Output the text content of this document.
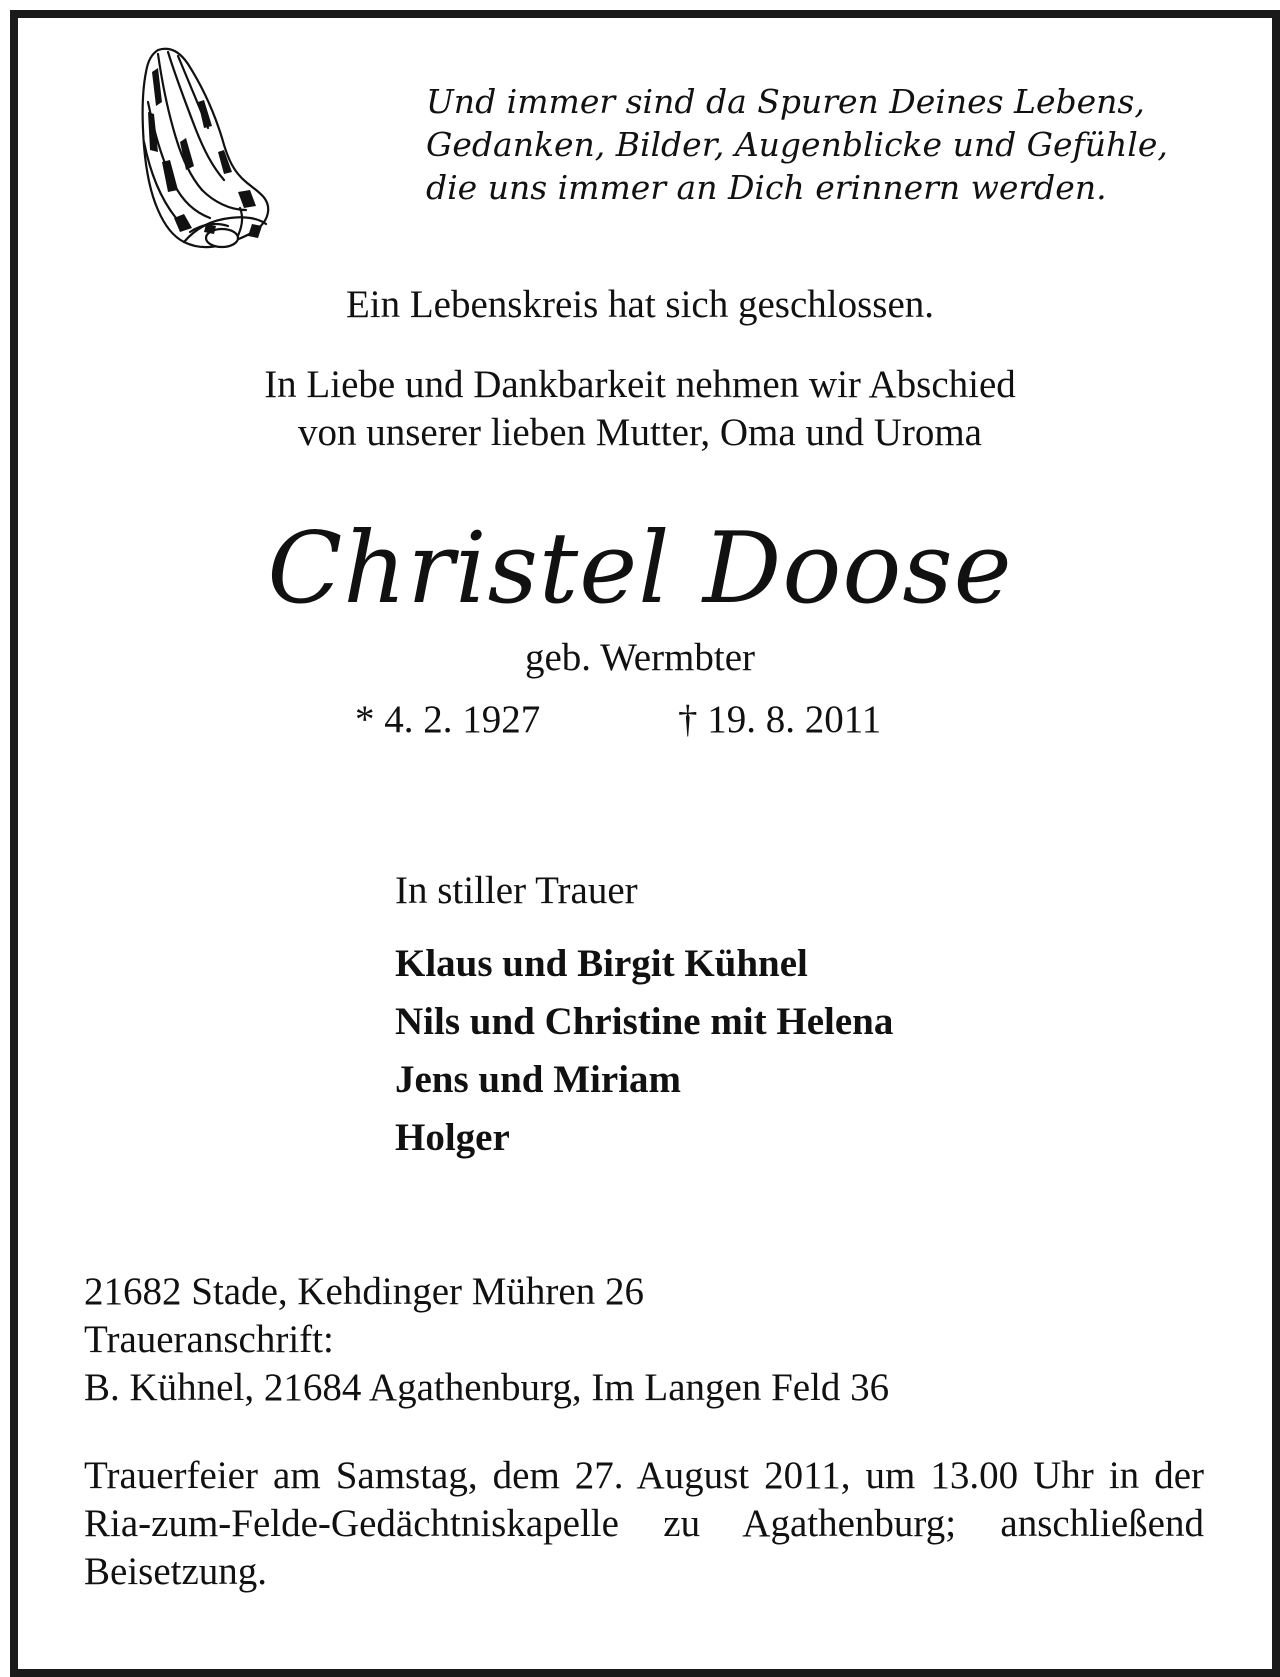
Und immer sind da Spuren Deines Lebens,
Gedanken, Bilder, Augenblicke und Gefühle,
die uns immer an Dich erinnern werden.
Ein Lebenskreis hat sich geschlossen.
In Liebe und Dankbarkeit nehmen wir Abschied
von unserer lieben Mutter, Oma und Uroma
Christel Doose
geb. Wermbter
* 4. 2. 1927	† 19. 8. 2011
In stiller Trauer
Klaus und Birgit Kühnel
Nils und Christine mit Helena
Jens und Miriam
Holger
21682 Stade, Kehdinger Mühren 26
Traueranschrift:
B. Kühnel, 21684 Agathenburg, Im Langen Feld 36
Trauerfeier am Samstag, dem 27. August 2011, um 13.00 Uhr in der Ria-zum-Felde-Gedächtniskapelle zu Agathenburg; anschließend Beisetzung.
